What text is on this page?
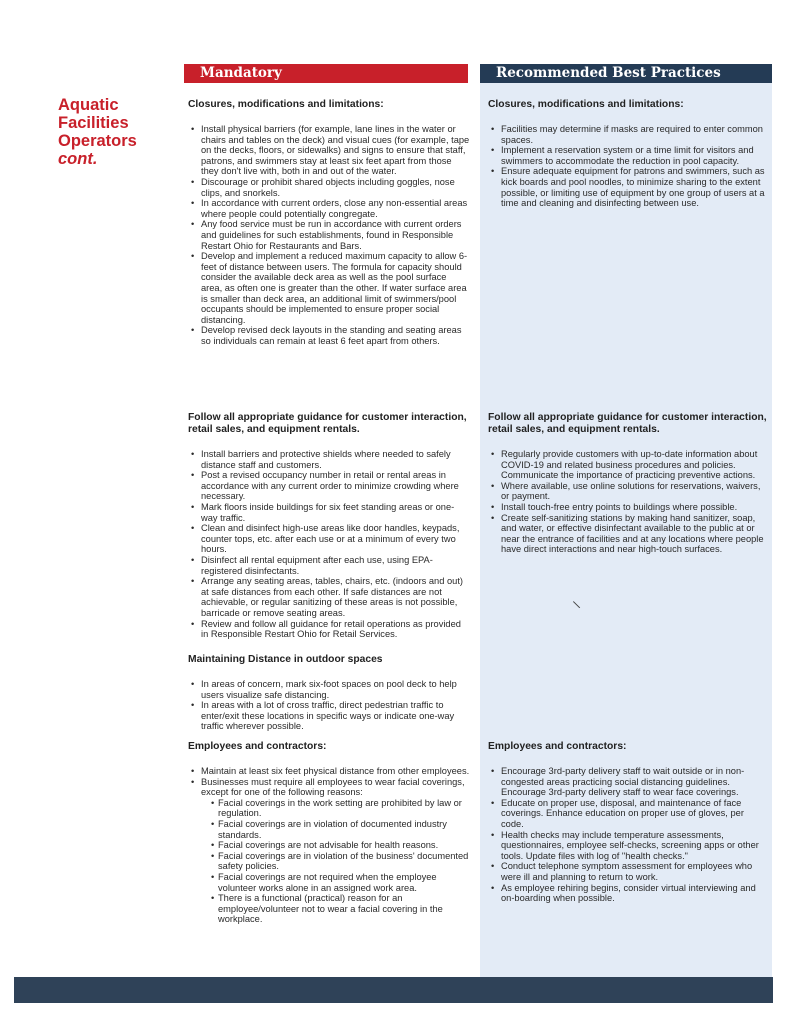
Aquatic
Facilities
Operators
cont.
Mandatory
Closures, modifications and limitations:
• Install physical barriers (for example, lane lines in the water or chairs and tables on the deck) and visual cues (for example, tape on the decks, floors, or sidewalks) and signs to ensure that staff, patrons, and swimmers stay at least six feet apart from those they don't live with, both in and out of the water.
• Discourage or prohibit shared objects including goggles, nose clips, and snorkels.
• In accordance with current orders, close any non-essential areas where people could potentially congregate.
• Any food service must be run in accordance with current orders and guidelines for such establishments, found in Responsible Restart Ohio for Restaurants and Bars.
• Develop and implement a reduced maximum capacity to allow 6-feet of distance between users. The formula for capacity should consider the available deck area as well as the pool surface area, as often one is greater than the other. If water surface area is smaller than deck area, an additional limit of swimmers/pool occupants should be implemented to ensure proper social distancing.
• Develop revised deck layouts in the standing and seating areas so individuals can remain at least 6 feet apart from others.
Follow all appropriate guidance for customer interaction, retail sales, and equipment rentals.
• Install barriers and protective shields where needed to safely distance staff and customers.
• Post a revised occupancy number in retail or rental areas in accordance with any current order to minimize crowding where necessary.
• Mark floors inside buildings for six feet standing areas or one-way traffic.
• Clean and disinfect high-use areas like door handles, keypads, counter tops, etc. after each use or at a minimum of every two hours.
• Disinfect all rental equipment after each use, using EPA-registered disinfectants.
• Arrange any seating areas, tables, chairs, etc. (indoors and out) at safe distances from each other. If safe distances are not achievable, or regular sanitizing of these areas is not possible, barricade or remove seating areas.
• Review and follow all guidance for retail operations as provided in Responsible Restart Ohio for Retail Services.
Maintaining Distance in outdoor spaces
• In areas of concern, mark six-foot spaces on pool deck to help users visualize safe distancing.
• In areas with a lot of cross traffic, direct pedestrian traffic to enter/exit these locations in specific ways or indicate one-way traffic wherever possible.
Employees and contractors:
• Maintain at least six feet physical distance from other employees.
• Businesses must require all employees to wear facial coverings, except for one of the following reasons:
• Facial coverings in the work setting are prohibited by law or regulation.
• Facial coverings are in violation of documented industry standards.
• Facial coverings are not advisable for health reasons.
• Facial coverings are in violation of the business' documented safety policies.
• Facial coverings are not required when the employee volunteer works alone in an assigned work area.
• There is a functional (practical) reason for an employee/volunteer not to wear a facial covering in the workplace.
Recommended Best Practices
Closures, modifications and limitations:
• Facilities may determine if masks are required to enter common spaces.
• Implement a reservation system or a time limit for visitors and swimmers to accommodate the reduction in pool capacity.
• Ensure adequate equipment for patrons and swimmers, such as kick boards and pool noodles, to minimize sharing to the extent possible, or limiting use of equipment by one group of users at a time and cleaning and disinfecting between use.
Follow all appropriate guidance for customer interaction, retail sales, and equipment rentals.
• Regularly provide customers with up-to-date information about COVID-19 and related business procedures and policies. Communicate the importance of practicing preventive actions.
• Where available, use online solutions for reservations, waivers, or payment.
• Install touch-free entry points to buildings where possible.
• Create self-sanitizing stations by making hand sanitizer, soap, and water, or effective disinfectant available to the public at or near the entrance of facilities and at any locations where people have direct interactions and near high-touch surfaces.
Employees and contractors:
• Encourage 3rd-party delivery staff to wait outside or in non-congested areas practicing social distancing guidelines. Encourage 3rd-party delivery staff to wear face coverings.
• Educate on proper use, disposal, and maintenance of face coverings. Enhance education on proper use of gloves, per code.
• Health checks may include temperature assessments, questionnaires, employee self-checks, screening apps or other tools. Update files with log of "health checks."
• Conduct telephone symptom assessment for employees who were ill and planning to return to work.
• As employee rehiring begins, consider virtual interviewing and on-boarding when possible.
\
